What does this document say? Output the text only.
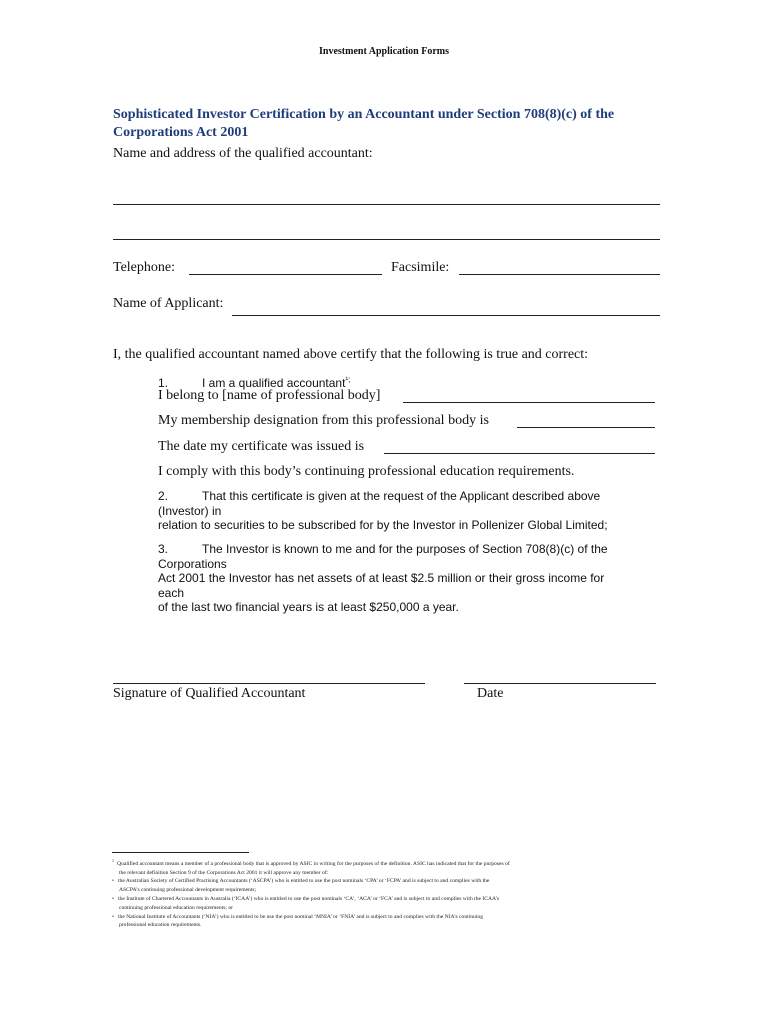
Investment Application Forms
Sophisticated Investor Certification by an Accountant under Section 708(8)(c) of the Corporations Act 2001
Name and address of the qualified accountant:
Telephone:	Facsimile:
Name of Applicant:
I, the qualified accountant named above certify that the following is true and correct:
1.	I am a qualified accountant$^{^1;}$
I belong to [name of professional body]
My membership designation from this professional body is
The date my certificate was issued is
I comply with this body’s continuing professional education requirements.
2.	That this certificate is given at the request of the Applicant described above
(Investor) in
relation to securities to be subscribed for by the Investor in Pollenizer Global Limited;
3.	The Investor is known to me and for the purposes of Section 708(8)(c) of the
Corporations
Act 2001 the Investor has net assets of at least $2.5 million or their gross income for
each
of the last two financial years is at least $250,000 a year.
Signature of Qualified Accountant	Date

$^1$Qualified accountant means a member of a professional body that is approved by ASIC in writing for the purposes of the definition. ASIC has indicated that for the purposes of

the relevant definition Section 9 of the Corporations Act 2001 it will approve any member of:

• the Australian Society of Certified Practising Accountants (‘ASCPA’) who is entitled to use the post nominals ‘CPA’ or ‘FCPA’ and is subject to and complies with the

ASCPA’s continuing professional development requirements;

• the Institute of Chartered Accountants in Australia (‘ICAA’) who is entitled to use the post nominals ‘CA’, ‘ACA’ or ‘FCA’ and is subject to and complies with the ICAA’s

continuing professional education requirements; or

• the National Institute of Accountants (‘NIA’) who is entitled to be use the post nominal ‘MNIA’ or ‘FNIA’ and is subject to and complies with the NIA’s continuing

professional education requirements.
